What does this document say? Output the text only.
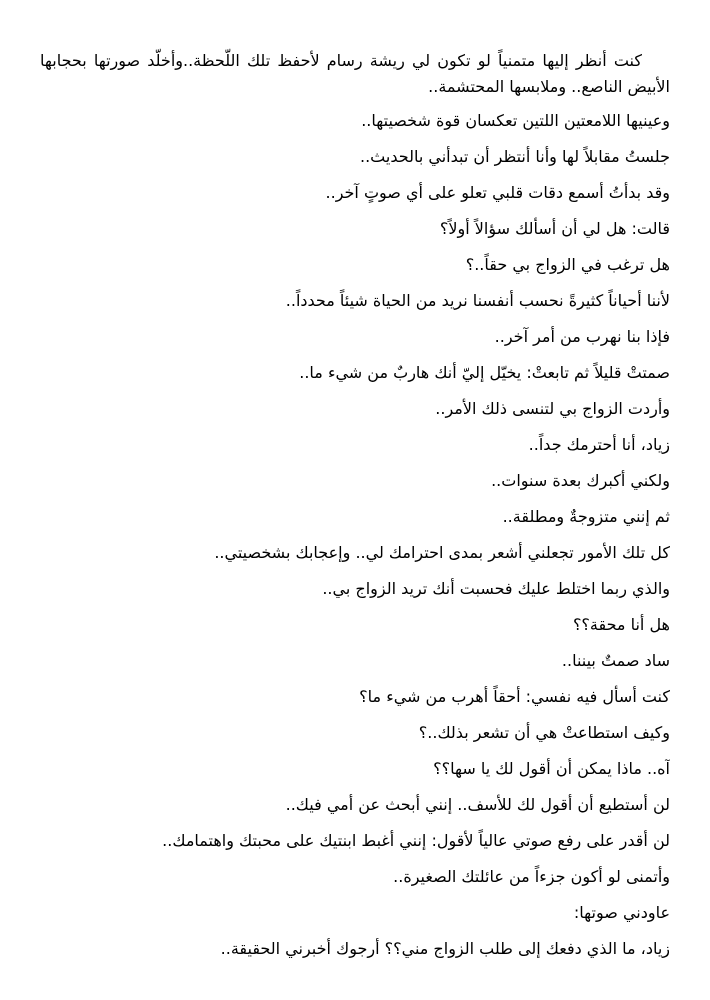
كنت أنظر إليها متمنياً لو تكون لي ريشة رسام لأحفظ تلك اللّحظة..وأخلّد صورتها بحجابها
الأبيض الناصع.. وملابسها المحتشمة..
وعينيها اللامعتين اللتين تعكسان قوة شخصيتها..
جلستُ مقابلاً لها وأنا أنتظر أن تبدأني بالحديث..
وقد بدأتُ أسمع دقات قلبي تعلو على أي صوتٍ آخر..
قالت: هل لي أن أسألك سؤالاً أولاً؟
هل ترغب في الزواج بي حقاً..؟
لأننا أحياناً كثيرةً نحسب أنفسنا نريد من الحياة شيئاً محدداً..
فإذا بنا نهرب من أمر آخر..
صمتتْ قليلاً ثم تابعتْ: يخيّل إليّ أنك هاربٌ من شيء ما..
وأردت الزواج بي لتنسى ذلك الأمر..
زياد، أنا أحترمك جداً..
ولكني أكبرك بعدة سنوات..
ثم إنني متزوجةٌ ومطلقة..
كل تلك الأمور تجعلني أشعر بمدى احترامك لي.. وإعجابك بشخصيتي..
والذي ربما اختلط عليك فحسبت أنك تريد الزواج بي..
هل أنا محقة؟؟
ساد صمتٌ بيننا..
كنت أسأل فيه نفسي: أحقاً أهرب من شيء ما؟
وكيف استطاعتْ هي أن تشعر بذلك..؟
آه.. ماذا يمكن أن أقول لك يا سها؟؟
لن أستطيع أن أقول لك للأسف.. إنني أبحث عن أمي فيك..
لن أقدر على رفع صوتي عالياً لأقول: إنني أغبط ابنتيك على محبتك واهتمامك..
وأتمنى لو أكون جزءاً من عائلتك الصغيرة..
عاودني صوتها:
زياد، ما الذي دفعك إلى طلب الزواج مني؟؟ أرجوك أخبرني الحقيقة..
